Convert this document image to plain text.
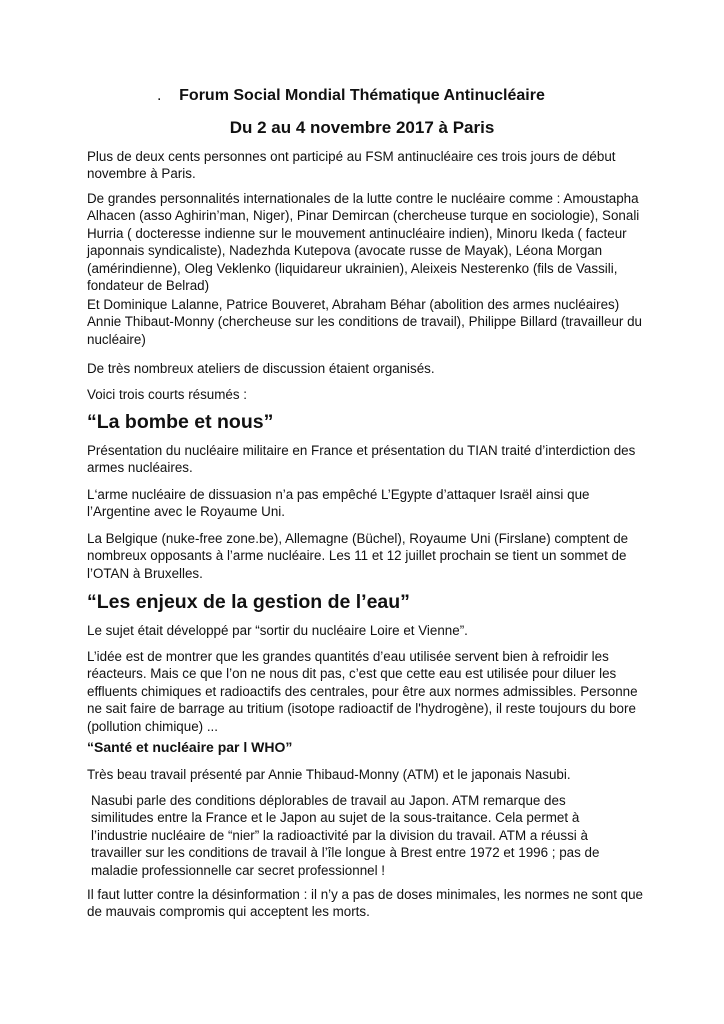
. Forum Social Mondial Thématique Antinucléaire
Du 2 au 4 novembre 2017 à Paris

Plus de deux cents personnes ont participé au FSM antinucléaire ces trois jours de début novembre à Paris.

De grandes personnalités internationales de la lutte contre le nucléaire comme : Amoustapha Alhacen (asso Aghirin’man, Niger), Pinar Demircan (chercheuse turque en sociologie), Sonali Hurria ( docteresse indienne sur le mouvement antinucléaire indien), Minoru Ikeda ( facteur japonnais syndicaliste), Nadezhda Kutepova (avocate russe de Mayak), Léona Morgan (amérindienne), Oleg Veklenko (liquidareur ukrainien), Aleixeis Nesterenko (fils de Vassili, fondateur de Belrad)

Et Dominique Lalanne, Patrice Bouveret, Abraham Béhar (abolition des armes nucléaires) Annie Thibaut-Monny (chercheuse sur les conditions de travail), Philippe Billard (travailleur du nucléaire)

De très nombreux ateliers de discussion étaient organisés.

Voici trois courts résumés :

“La bombe et nous”

Présentation du nucléaire militaire en France et présentation du TIAN traité d’interdiction des armes nucléaires.

L‘arme nucléaire de dissuasion n’a pas empêché L’Egypte d’attaquer Israël ainsi que l’Argentine avec le Royaume Uni.

La Belgique (nuke-free zone.be), Allemagne (Büchel), Royaume Uni (Firslane) comptent de nombreux opposants à l’arme nucléaire. Les 11 et 12 juillet prochain se tient un sommet de l’OTAN à Bruxelles.

“Les enjeux de la gestion de l’eau”

Le sujet était développé par “sortir du nucléaire Loire et Vienne”.

L’idée est de montrer que les grandes quantités d’eau utilisée servent bien à refroidir les réacteurs. Mais ce que l’on ne nous dit pas, c’est que cette eau est utilisée pour diluer les effluents chimiques et radioactifs des centrales, pour être aux normes admissibles. Personne ne sait faire de barrage au tritium (isotope radioactif de l'hydrogène), il reste toujours du bore (pollution chimique) ...

“Santé et nucléaire par l WHO”

Très beau travail présenté par Annie Thibaud-Monny (ATM) et le japonais Nasubi.

Nasubi parle des conditions déplorables de travail au Japon. ATM remarque des similitudes entre la France et le Japon au sujet de la sous-traitance. Cela permet à l’industrie nucléaire de “nier” la radioactivité par la division du travail. ATM a réussi à travailler sur les conditions de travail à l’île longue à Brest entre 1972 et 1996 ; pas de maladie professionnelle car secret professionnel !

Il faut lutter contre la désinformation : il n’y a pas de doses minimales, les normes ne sont que de mauvais compromis qui acceptent les morts.
